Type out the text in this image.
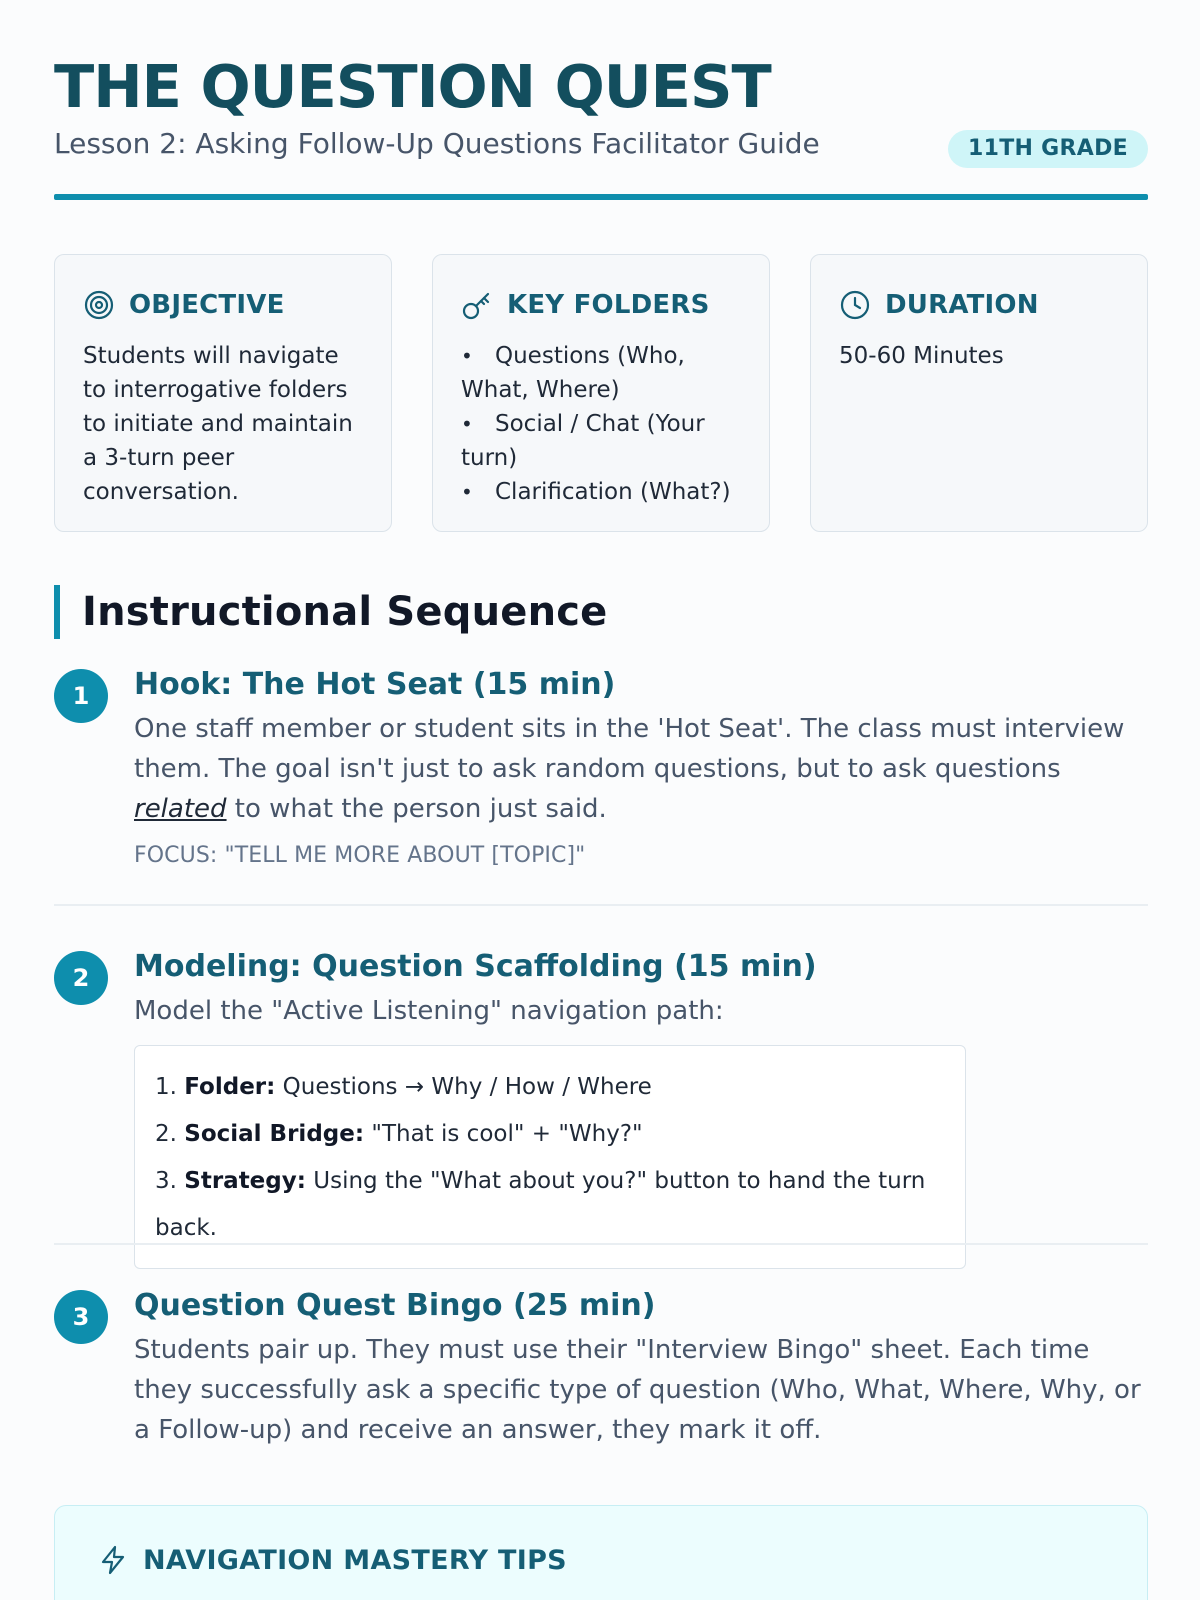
THE QUESTION QUEST
Lesson 2: Asking Follow-Up Questions Facilitator Guide	11TH GRADE
OBJECTIVE

Students will navigate to interrogative folders to initiate and maintain a 3-turn peer conversation.

KEY FOLDERS
• Questions (Who, What, Where)
• Social / Chat (Your turn)
• Clarification (What?)
DURATION

50-60 Minutes

Instructional Sequence
1	Hook: The Hot Seat (15 min)

One staff member or student sits in the 'Hot Seat'. The class must interview them. The goal isn't just to ask random questions, but to ask questions related to what the person just said.

FOCUS: "TELL ME MORE ABOUT [TOPIC]"

2	Modeling: Question Scaffolding (15 min)

Model the "Active Listening" navigation path:

1. Folder: Questions → Why / How / Where
2. Social Bridge: "That is cool" + "Why?"
3. Strategy: Using the "What about you?" button to hand the turn back.
3	Question Quest Bingo (25 min)

Students pair up. They must use their "Interview Bingo" sheet. Each time they successfully ask a specific type of question (Who, What, Where, Why, or a Follow-up) and receive an answer, they mark it off.

NAVIGATION MASTERY TIPS
